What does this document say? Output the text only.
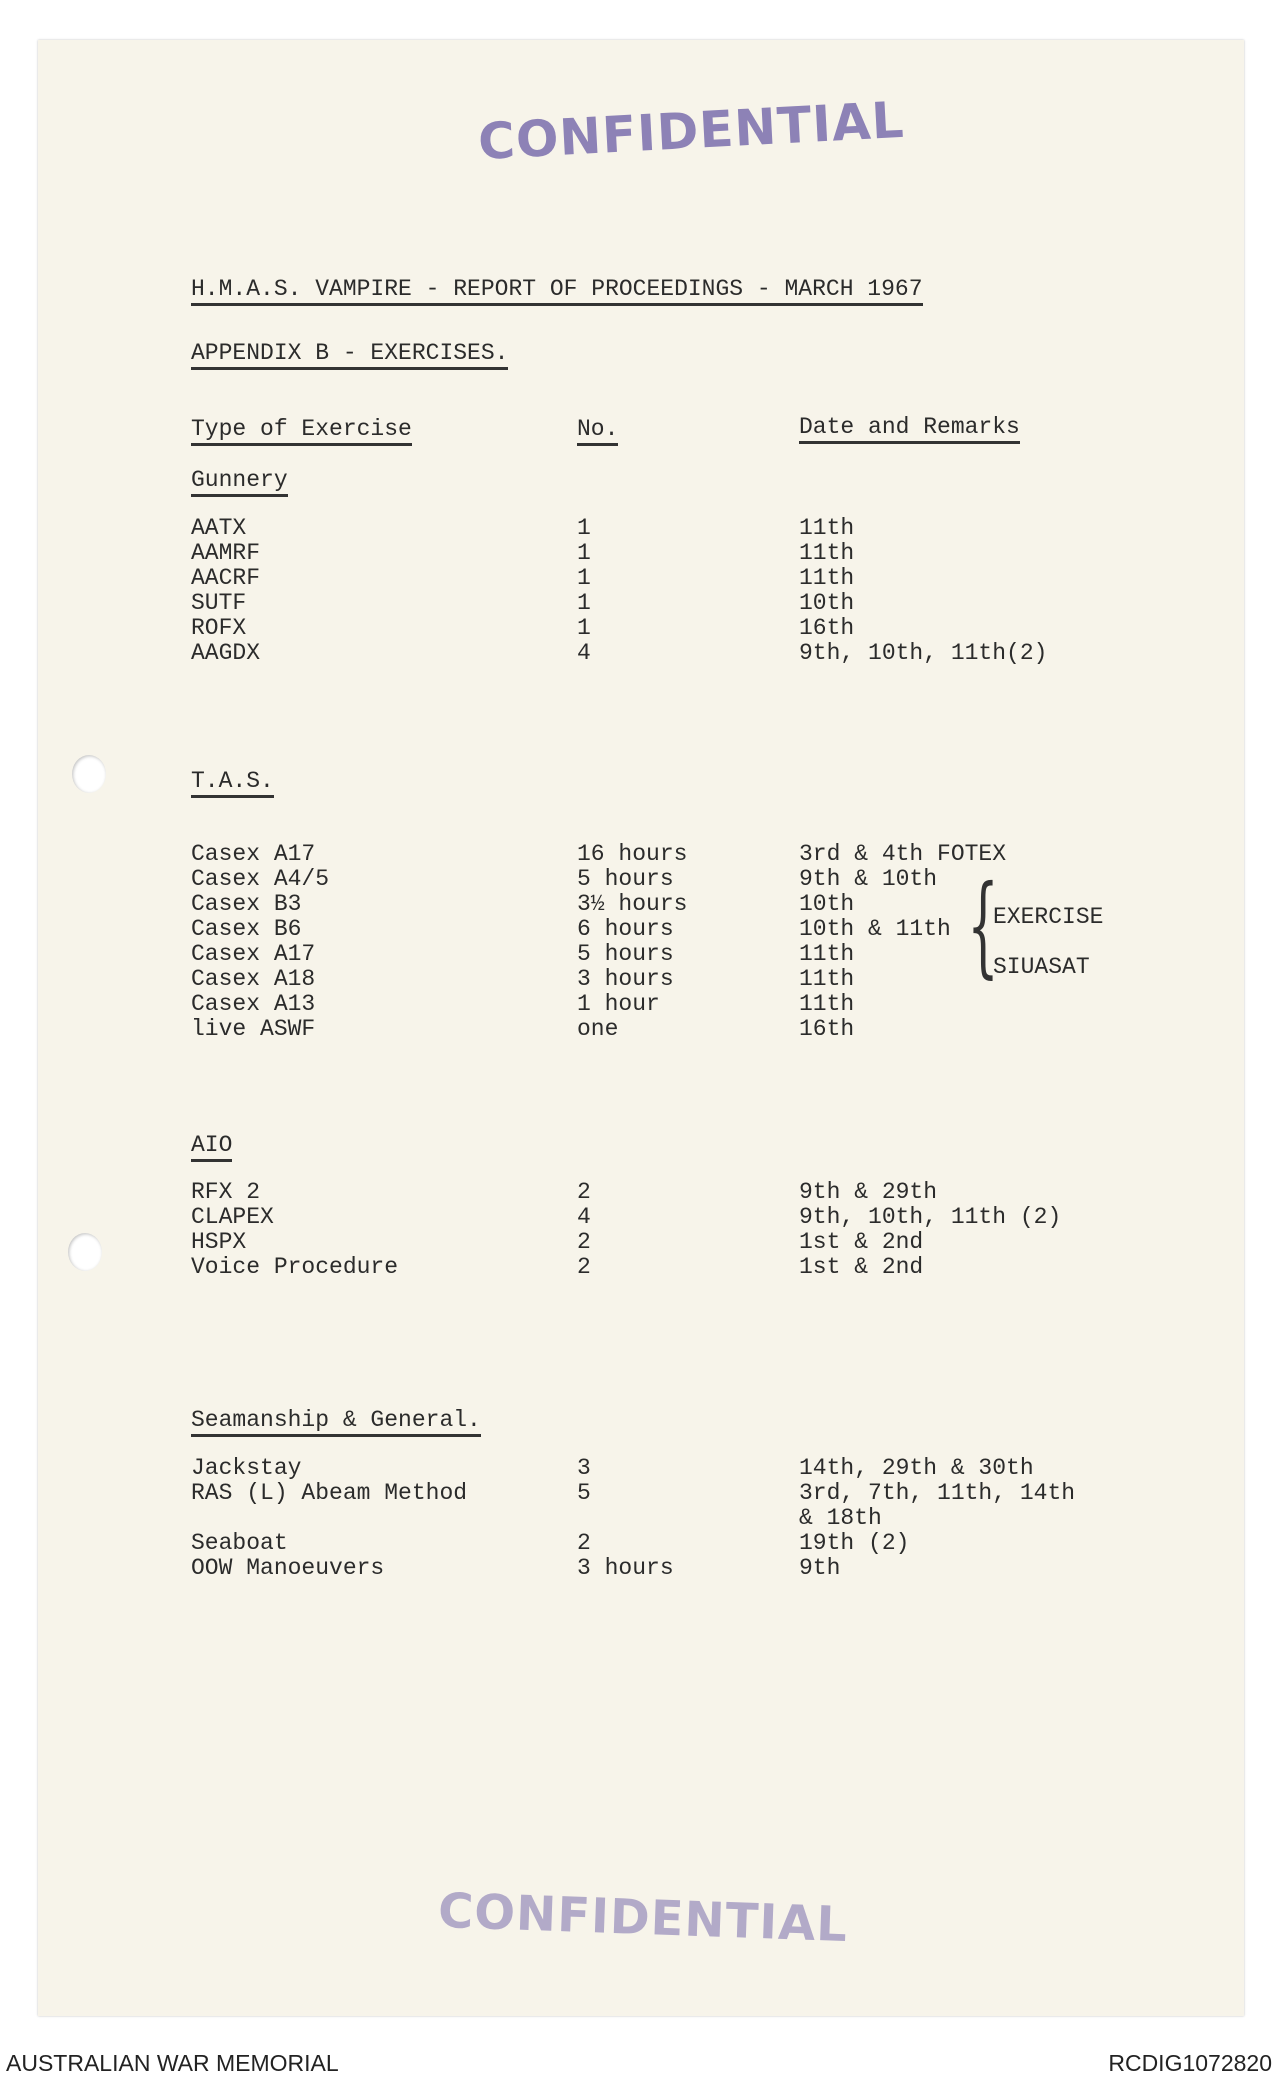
CONFIDENTIAL
CONFIDENTIAL
H.M.A.S. VAMPIRE - REPORT OF PROCEEDINGS - MARCH 1967
APPENDIX B - EXERCISES.
Type of Exercise	No.	Date and Remarks
Gunnery
AATX	1	11th
AAMRF	1	11th
AACRF	1	11th
SUTF	1	10th
ROFX	1	16th
AAGDX	4	9th, 10th, 11th(2)
T.A.S.
Casex A17	16 hours	3rd & 4th FOTEX
Casex A4/5	5 hours	9th & 10th
Casex B3	3½ hours	10th
Casex B6	6 hours	10th & 11th
Casex A17	5 hours	11th
Casex A18	3 hours	11th
Casex A13	1 hour	11th
live ASWF	one	16th
{
EXERCISE
SIUASAT
AIO
RFX 2	2	9th & 29th
CLAPEX	4	9th, 10th, 11th (2)
HSPX	2	1st & 2nd
Voice Procedure	2	1st & 2nd
Seamanship & General.
Jackstay	3	14th, 29th & 30th
RAS (L) Abeam Method	5	3rd, 7th, 11th, 14th
& 18th
Seaboat	2	19th (2)
OOW Manoeuvers	3 hours	9th
AUSTRALIAN WAR MEMORIAL	RCDIG1072820
